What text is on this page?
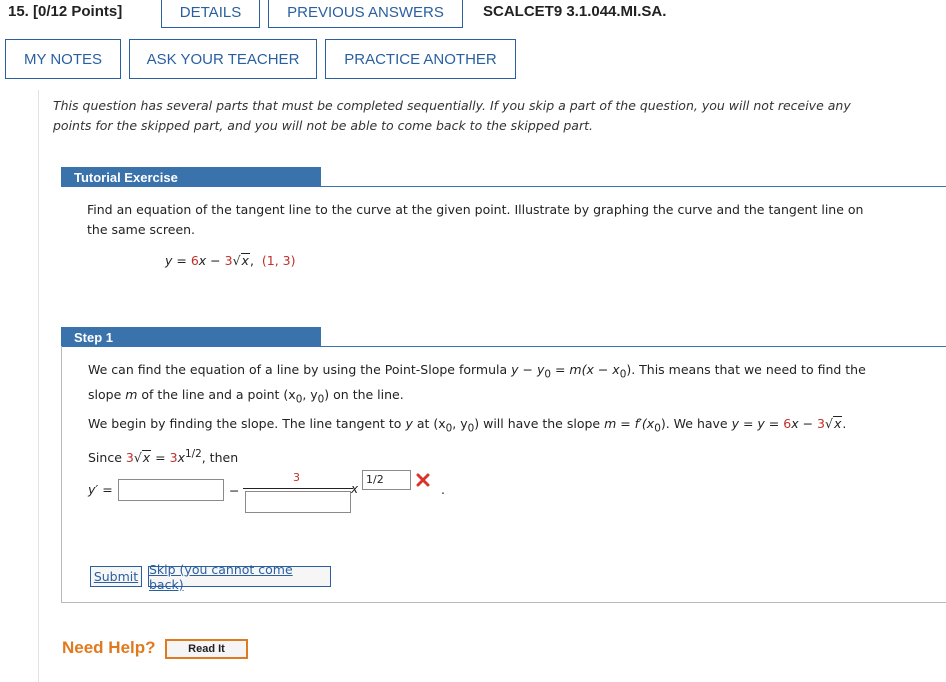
15. [0/12 Points]	DETAILS	PREVIOUS ANSWERS	SCALCET9 3.1.044.MI.SA.
MY NOTES	ASK YOUR TEACHER	PRACTICE ANOTHER
This question has several parts that must be completed sequentially. If you skip a part of the question, you will not receive any
points for the skipped part, and you will not be able to come back to the skipped part.
Tutorial Exercise
Find an equation of the tangent line to the curve at the given point. Illustrate by graphing the curve and the tangent line on
the same screen.
y = 6x − 3√x, (1, 3)
Step 1
We can find the equation of a line by using the Point-Slope formula $y - y_0 = m(x - x_0)$. This means that we need to find the
slope m of the line and a point ($x_0$, $y_0$) on the line.
We begin by finding the slope. The line tangent to y at ($x_0$, $y_0$) will have the slope $m = f'(x_0)$. We have y = y = 6x − 3√x.
Since $3√x = 3x^{1/2}$, then
y′ =	−
3
x
1/2
.
Submit Skip (you cannot come back)
Need Help?	Read It
